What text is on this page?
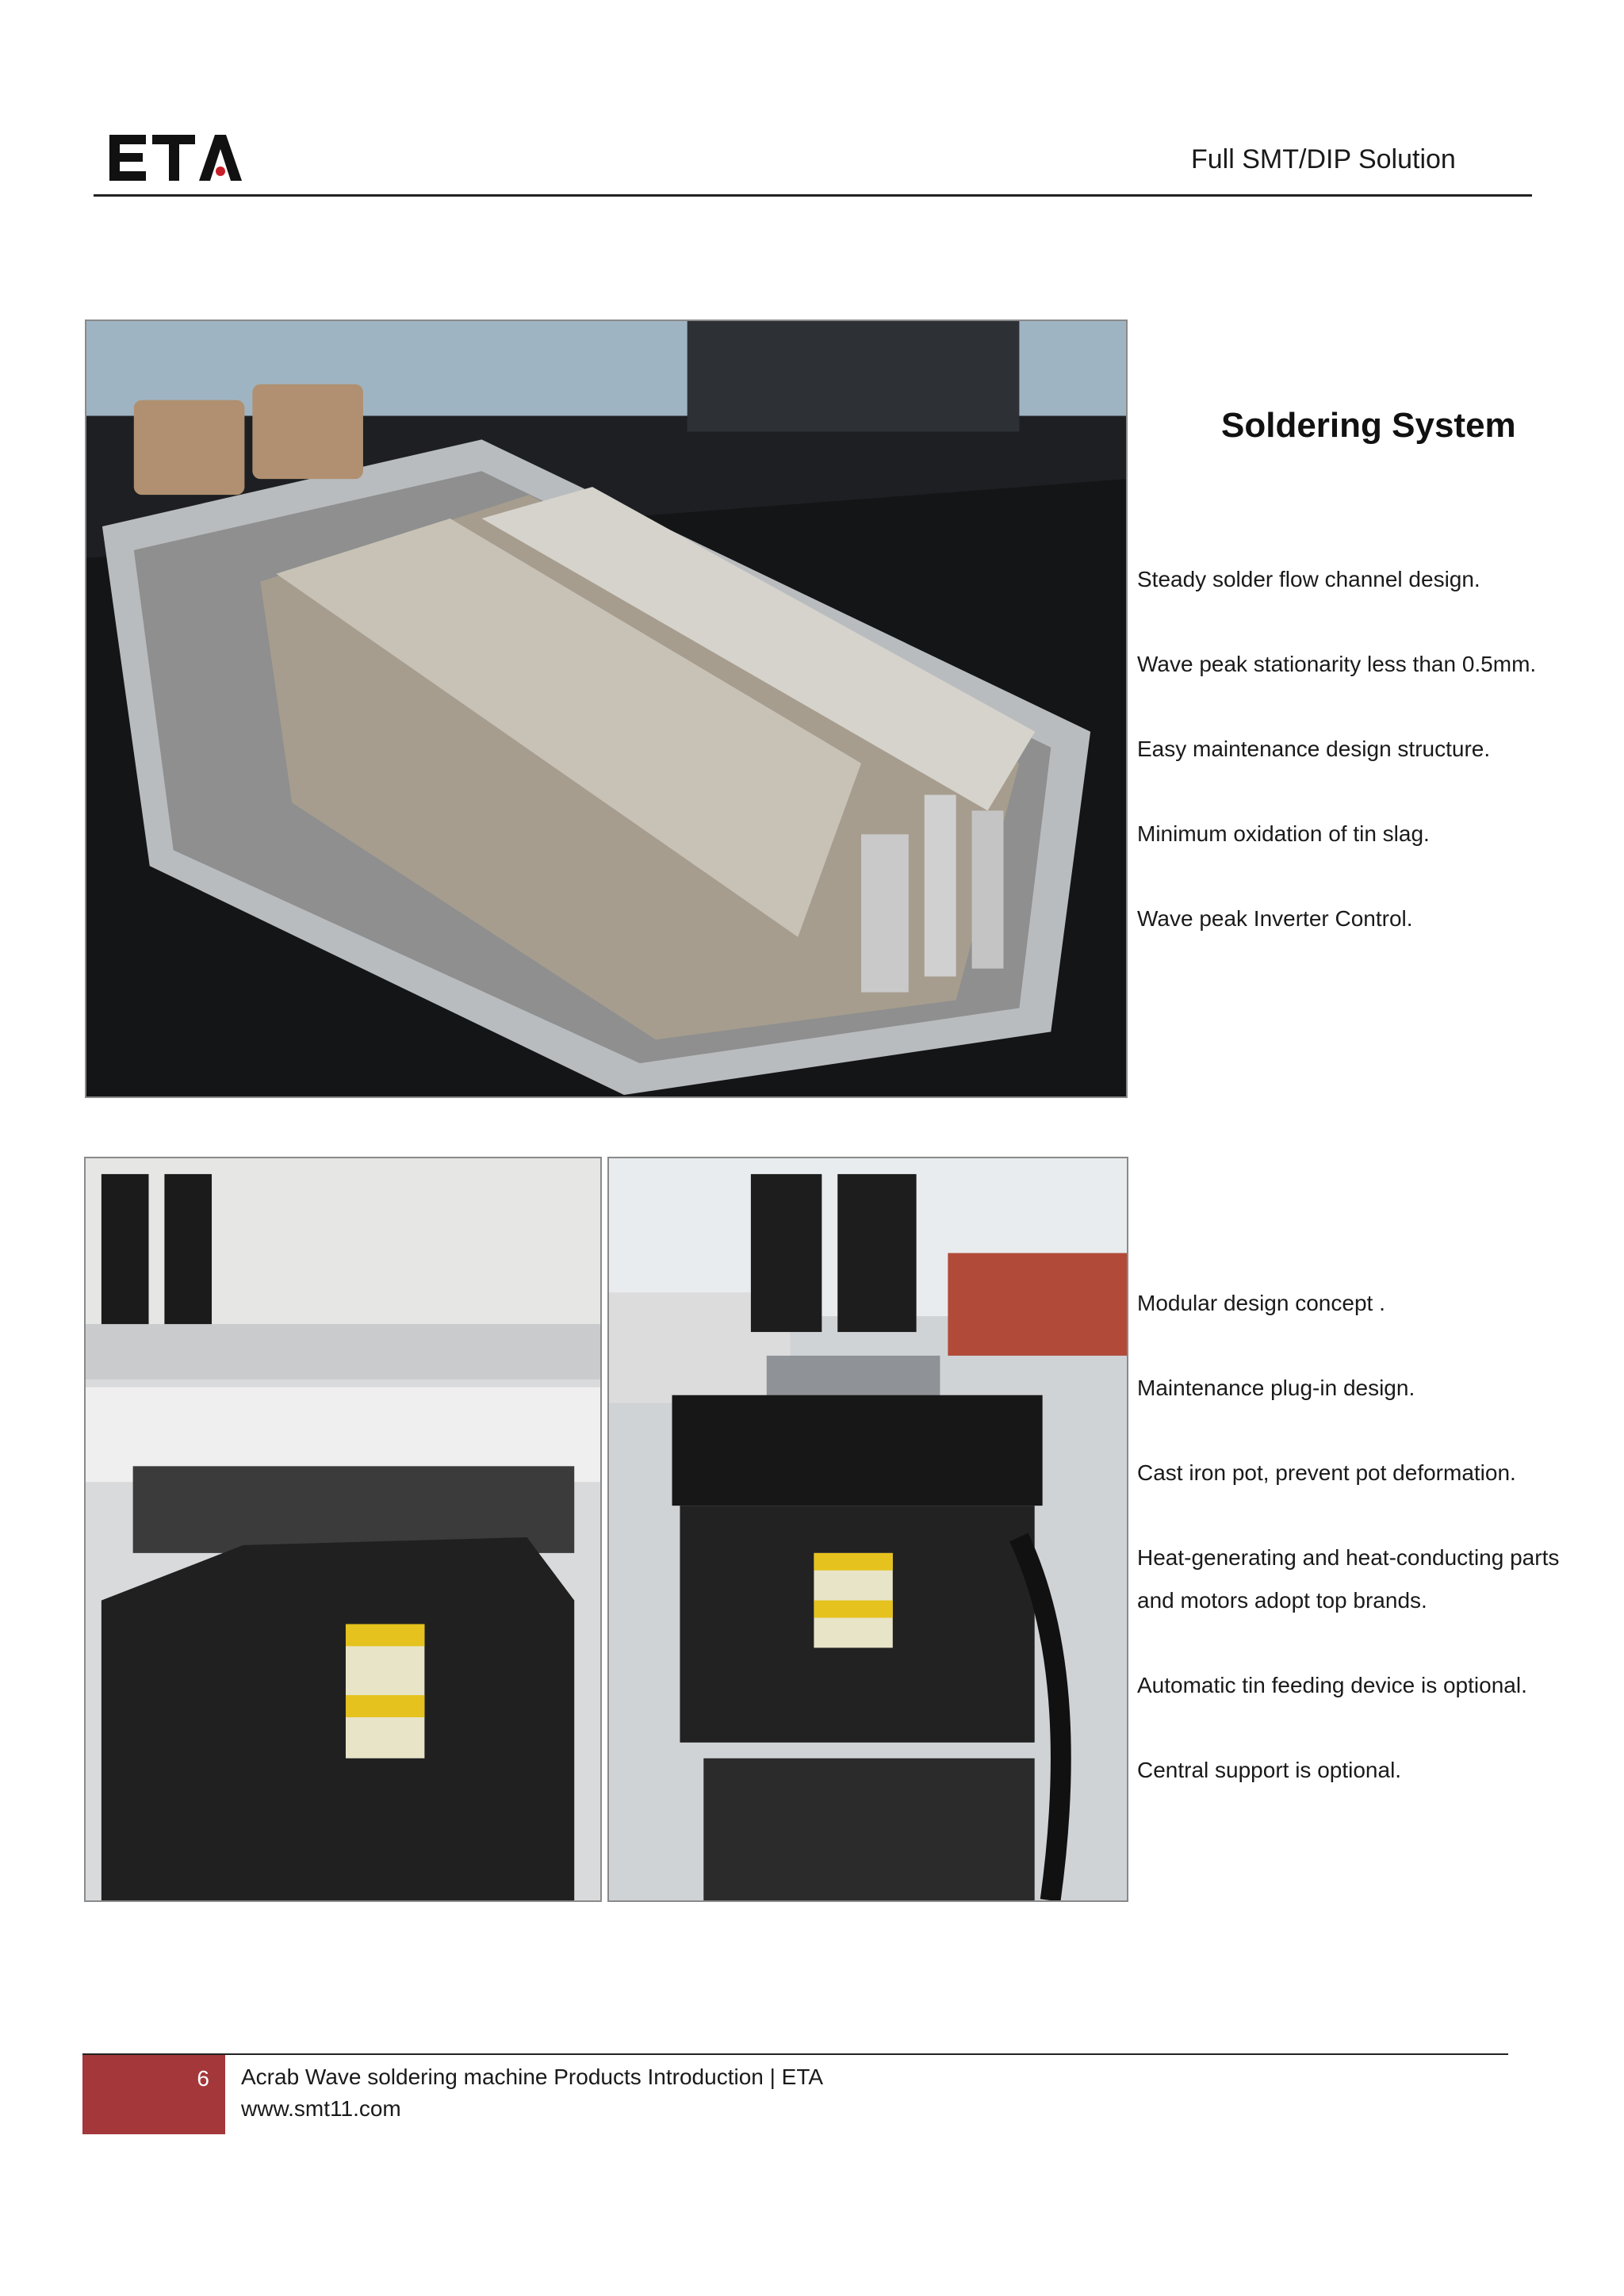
Full SMT/DIP Solution
Soldering System
Steady solder flow channel design.
Wave peak stationarity less than 0.5mm.
Easy maintenance design structure.
Minimum oxidation of tin slag.
Wave peak Inverter Control.
Modular design concept .
Maintenance plug-in design.
Cast iron pot, prevent pot deformation.
Heat-generating and heat-conducting parts and motors adopt top brands.
Automatic tin feeding device is optional.
Central support is optional.
6 Acrab Wave soldering machine Products Introduction | ETA
www.smt11.com
